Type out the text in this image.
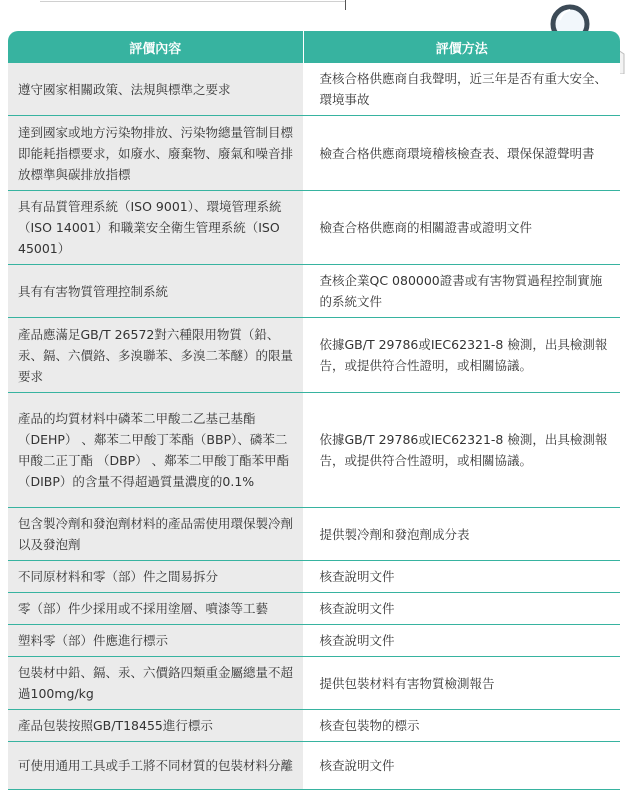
評價內容	評價方法
遵守國家相關政策、法規與標準之要求	查核合格供應商自我聲明，近三年是否有重大安全、環境事故
達到國家或地方污染物排放、污染物總量管制目標即能耗指標要求，如廢水、廢棄物、廢氣和噪音排放標準與碳排放指標	檢查合格供應商環境稽核檢查表、環保保證聲明書
具有品質管理系統（ISO 9001）、環境管理系統（ISO 14001）和職業安全衛生管理系統（ISO 45001）	檢查合格供應商的相關證書或證明文件
具有有害物質管理控制系統	查核企業QC 080000證書或有害物質過程控制實施的系統文件
產品應滿足GB/T 26572對六種限用物質（鉛、汞、鎘、六價鉻、多溴聯苯、多溴二苯醚）的限量要求	依據GB/T 29786或IEC62321-8 檢測，出具檢測報告，或提供符合性證明，或相關協議。
產品的均質材料中磷苯二甲酸二乙基己基酯 （DEHP） 、鄰苯二甲酸丁苯酯（BBP）、磷苯二甲酸二正丁酯 （DBP） 、鄰苯二甲酸丁酯苯甲酯（DIBP）的含量不得超過質量濃度的0.1%	依據GB/T 29786或IEC62321-8 檢測，出具檢測報告，或提供符合性證明，或相關協議。
包含製冷劑和發泡劑材料的產品需使用環保製冷劑以及發泡劑	提供製冷劑和發泡劑成分表
不同原材料和零（部）件之間易拆分	核查說明文件
零（部）件少採用或不採用塗層、噴漆等工藝	核查說明文件
塑料零（部）件應進行標示	核查說明文件
包裝材中鉛、鎘、汞、六價鉻四類重金屬總量不超過100mg/kg	提供包裝材料有害物質檢測報告
產品包裝按照GB/T18455進行標示	核查包裝物的標示
可使用通用工具或手工將不同材質的包裝材料分離	核查說明文件
